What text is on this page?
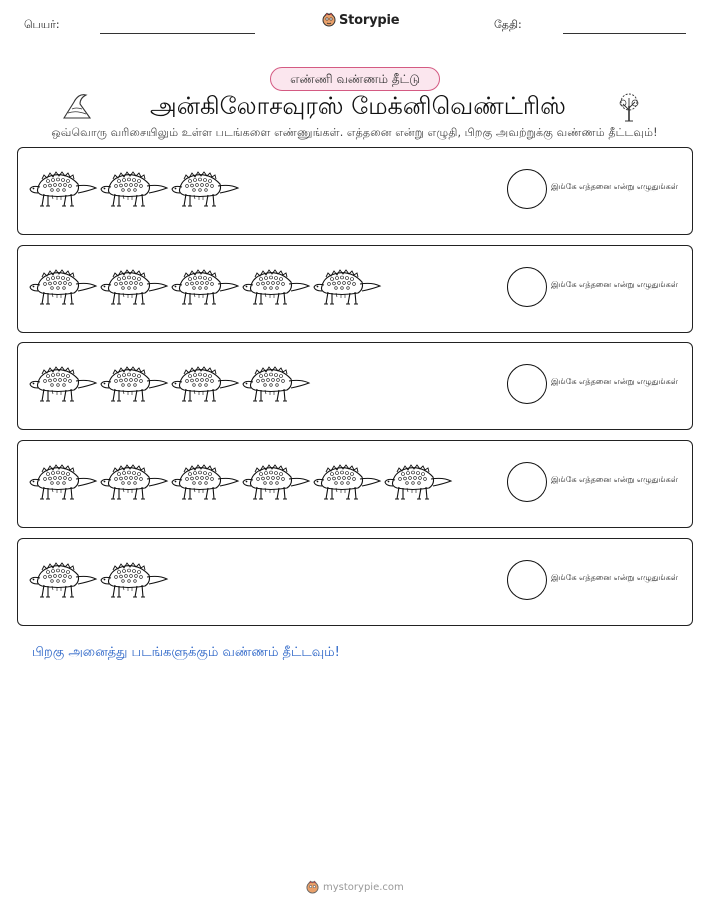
பெயர்:	Storypie	தேதி:
எண்ணி வண்ணம் தீட்டு
அன்கிலோசவுரஸ் மேக்னிவெண்ட்ரிஸ்
ஒவ்வொரு வரிசையிலும் உள்ள படங்களை எண்ணுங்கள். எத்தனை என்று எழுதி, பிறகு அவற்றுக்கு வண்ணம் தீட்டவும்!
இங்கே எத்தனை என்று எழுதுங்கள்
இங்கே எத்தனை என்று எழுதுங்கள்
இங்கே எத்தனை என்று எழுதுங்கள்
இங்கே எத்தனை என்று எழுதுங்கள்
இங்கே எத்தனை என்று எழுதுங்கள்
பிறகு அனைத்து படங்களுக்கும் வண்ணம் தீட்டவும்!
mystorypie.com
